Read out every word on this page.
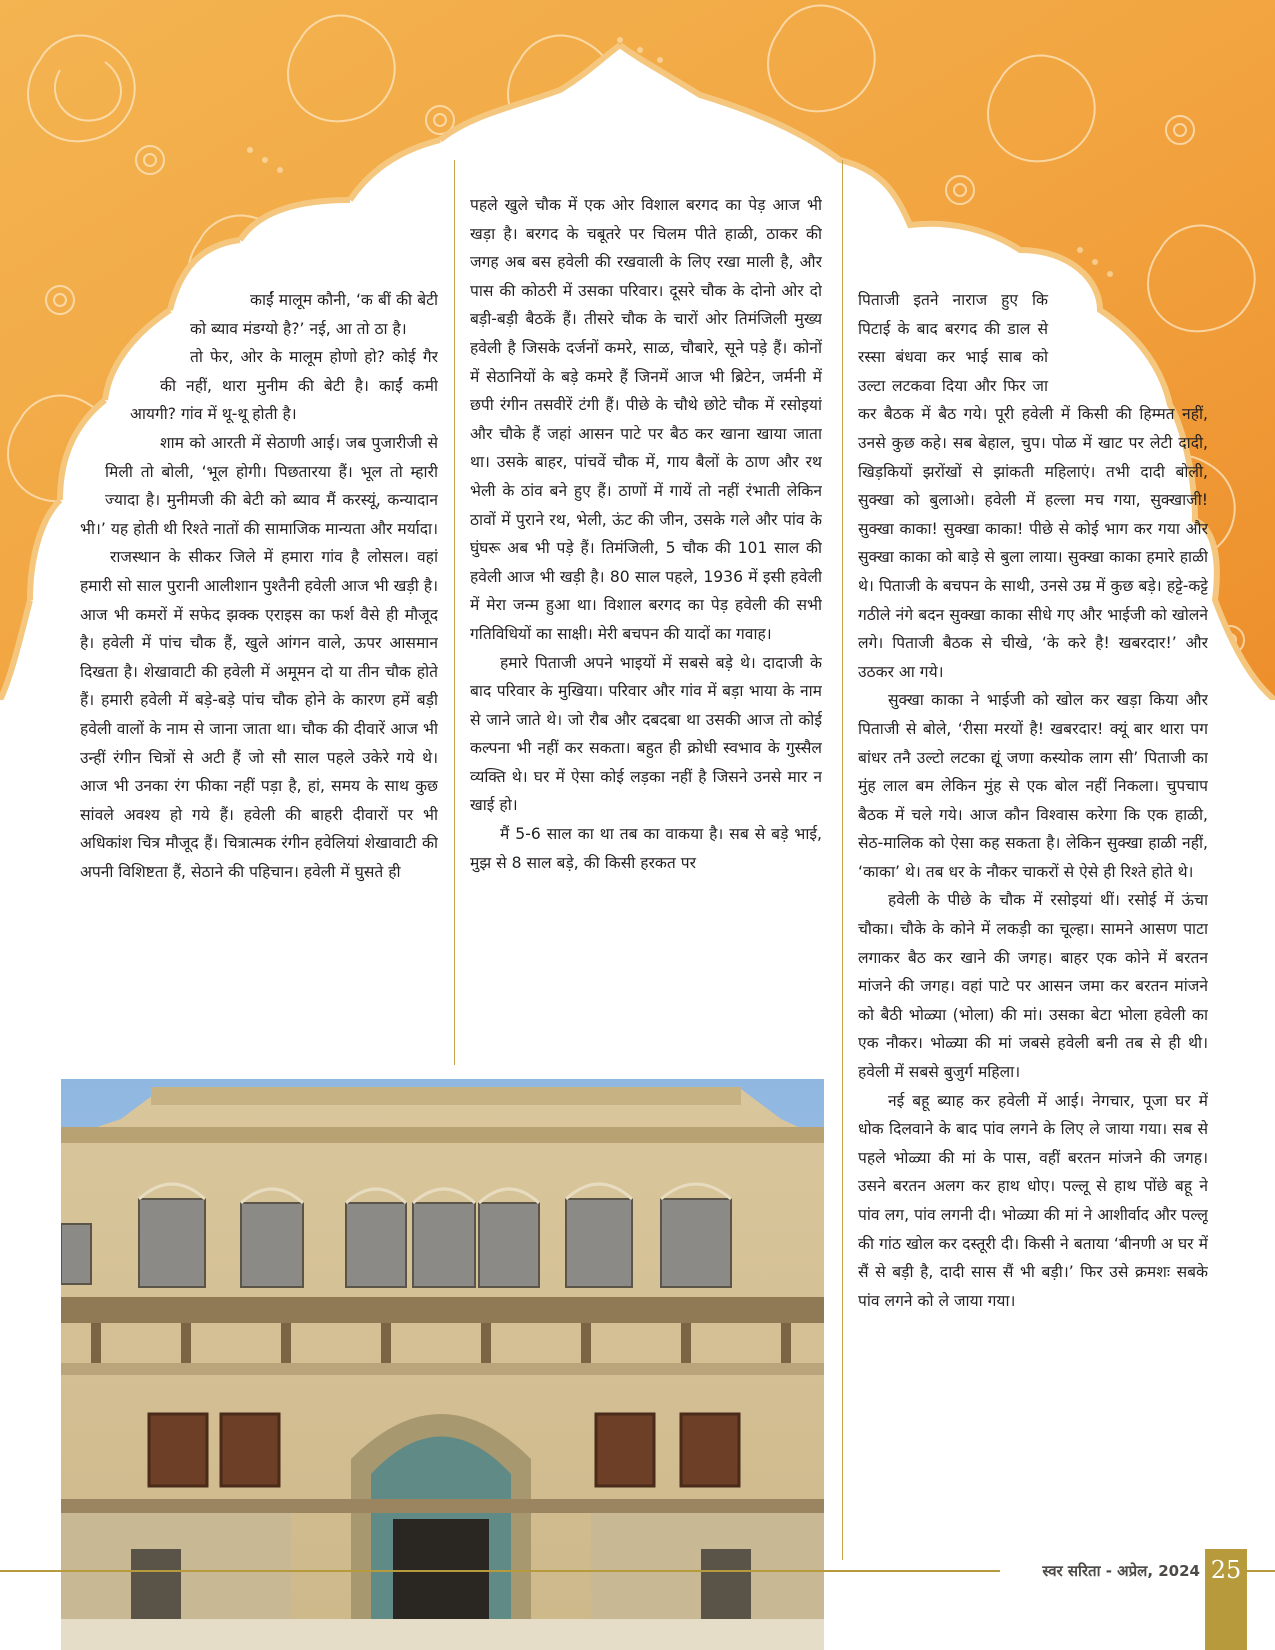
काईं मालूम कौनी, ‘क बीं की बेटी को ब्याव मंडग्यो है?’ नई, आ तो ठा है।

तो फेर, ओर के मालूम होणो हो? कोई गैर की नहीं, थारा मुनीम की बेटी है। काईं कमी आयगी? गांव में थू-थू होती है।

शाम को आरती में सेठाणी आई। जब पुजारीजी से मिली तो बोली, ‘भूल होगी। पिछतारया हैं। भूल तो म्हारी ज्यादा है। मुनीमजी की बेटी को ब्याव मैं करस्यूं, कन्यादान भी।’ यह होती थी रिश्ते नातों की सामाजिक मान्यता और मर्यादा।

राजस्थान के सीकर जिले में हमारा गांव है लोसल। वहां हमारी सो साल पुरानी आलीशान पुश्तैनी हवेली आज भी खड़ी है। आज भी कमरों में सफेद झक्क एराइस का फर्श वैसे ही मौजूद है। हवेली में पांच चौक हैं, खुले आंगन वाले, ऊपर आसमान दिखता है। शेखावाटी की हवेली में अमूमन दो या तीन चौक होते हैं। हमारी हवेली में बड़े-बड़े पांच चौक होने के कारण हमें बड़ी हवेली वालों के नाम से जाना जाता था। चौक की दीवारें आज भी उन्हीं रंगीन चित्रों से अटी हैं जो सौ साल पहले उकेरे गये थे। आज भी उनका रंग फीका नहीं पड़ा है, हां, समय के साथ कुछ सांवले अवश्य हो गये हैं। हवेली की बाहरी दीवारों पर भी अधिकांश चित्र मौजूद हैं। चित्रात्मक रंगीन हवेलियां शेखावाटी की अपनी विशिष्टता हैं, सेठाने की पहिचान। हवेली में घुसते ही

पहले खुले चौक में एक ओर विशाल बरगद का पेड़ आज भी खड़ा है। बरगद के चबूतरे पर चिलम पीते हाळी, ठाकर की जगह अब बस हवेली की रखवाली के लिए रखा माली है, और पास की कोठरी में उसका परिवार। दूसरे चौक के दोनो ओर दो बड़ी-बड़ी बैठकें हैं। तीसरे चौक के चारों ओर तिमंजिली मुख्य हवेली है जिसके दर्जनों कमरे, साळ, चौबारे, सूने पड़े हैं। कोनों में सेठानियों के बड़े कमरे हैं जिनमें आज भी ब्रिटेन, जर्मनी में छपी रंगीन तसवीरें टंगी हैं। पीछे के चौथे छोटे चौक में रसोइयां और चौके हैं जहां आसन पाटे पर बैठ कर खाना खाया जाता था। उसके बाहर, पांचवें चौक में, गाय बैलों के ठाण और रथ भेली के ठांव बने हुए हैं। ठाणों में गायें तो नहीं रंभाती लेकिन ठावों में पुराने रथ, भेली, ऊंट की जीन, उसके गले और पांव के घुंघरू अब भी पड़े हैं। तिमंजिली, 5 चौक की 101 साल की हवेली आज भी खड़ी है। 80 साल पहले, 1936 में इसी हवेली में मेरा जन्म हुआ था। विशाल बरगद का पेड़ हवेली की सभी गतिविधियों का साक्षी। मेरी बचपन की यादों का गवाह।

हमारे पिताजी अपने भाइयों में सबसे बड़े थे। दादाजी के बाद परिवार के मुखिया। परिवार और गांव में बड़ा भाया के नाम से जाने जाते थे। जो रौब और दबदबा था उसकी आज तो कोई कल्पना भी नहीं कर सकता। बहुत ही क्रोधी स्वभाव के गुस्सैल व्यक्ति थे। घर में ऐसा कोई लड़का नहीं है जिसने उनसे मार न खाई हो।

मैं 5-6 साल का था तब का वाकया है। सब से बड़े भाई, मुझ से 8 साल बड़े, की किसी हरकत पर

पिताजी इतने नाराज हुए कि पिटाई के बाद बरगद की डाल से रस्सा बंधवा कर भाई साब को उल्टा लटकवा दिया और फिर जा कर बैठक में बैठ गये। पूरी हवेली में किसी की हिम्मत नहीं, उनसे कुछ कहे। सब बेहाल, चुप। पोळ में खाट पर लेटी दादी, खिड़कियों झरोंखों से झांकती महिलाएं। तभी दादी बोली, सुक्खा को बुलाओ। हवेली में हल्ला मच गया, सुक्खाजी! सुक्खा काका! सुक्खा काका! पीछे से कोई भाग कर गया और सुक्खा काका को बाड़े से बुला लाया। सुक्खा काका हमारे हाळी थे। पिताजी के बचपन के साथी, उनसे उम्र में कुछ बड़े। हट्टे-कट्टे गठीले नंगे बदन सुक्खा काका सीधे गए और भाईजी को खोलने लगे। पिताजी बैठक से चीखे, ‘के करे है! खबरदार!’ और उठकर आ गये।

सुक्खा काका ने भाईजी को खोल कर खड़ा किया और पिताजी से बोले, ‘रीसा मरयों है! खबरदार! क्यूं बार थारा पग बांधर तनै उल्टो लटका द्यूं जणा कस्योक लाग सी’ पिताजी का मुंह लाल बम लेकिन मुंह से एक बोल नहीं निकला। चुपचाप बैठक में चले गये। आज कौन विश्वास करेगा कि एक हाळी, सेठ-मालिक को ऐसा कह सकता है। लेकिन सुक्खा हाळी नहीं, ‘काका’ थे। तब धर के नौकर चाकरों से ऐसे ही रिश्ते होते थे।

हवेली के पीछे के चौक में रसोइयां थीं। रसोई में ऊंचा चौका। चौके के कोने में लकड़ी का चूल्हा। सामने आसण पाटा लगाकर बैठ कर खाने की जगह। बाहर एक कोने में बरतन मांजने की जगह। वहां पाटे पर आसन जमा कर बरतन मांजने को बैठी भोळ्या (भोला) की मां। उसका बेटा भोला हवेली का एक नौकर। भोळ्या की मां जबसे हवेली बनी तब से ही थी। हवेली में सबसे बुजुर्ग महिला।

नई बहू ब्याह कर हवेली में आई। नेगचार, पूजा घर में धोक दिलवाने के बाद पांव लगने के लिए ले जाया गया। सब से पहले भोळ्या की मां के पास, वहीं बरतन मांजने की जगह। उसने बरतन अलग कर हाथ धोए। पल्लू से हाथ पोंछे बहू ने पांव लग, पांव लगनी दी। भोळ्या की मां ने आशीर्वाद और पल्लू की गांठ खोल कर दस्तूरी दी। किसी ने बताया ‘बीनणी अ घर में सैं से बड़ी है, दादी सास सैं भी बड़ी।’ फिर उसे क्रमशः सबके पांव लगने को ले जाया गया।

स्वर सरिता - अप्रेल, 2024 25
